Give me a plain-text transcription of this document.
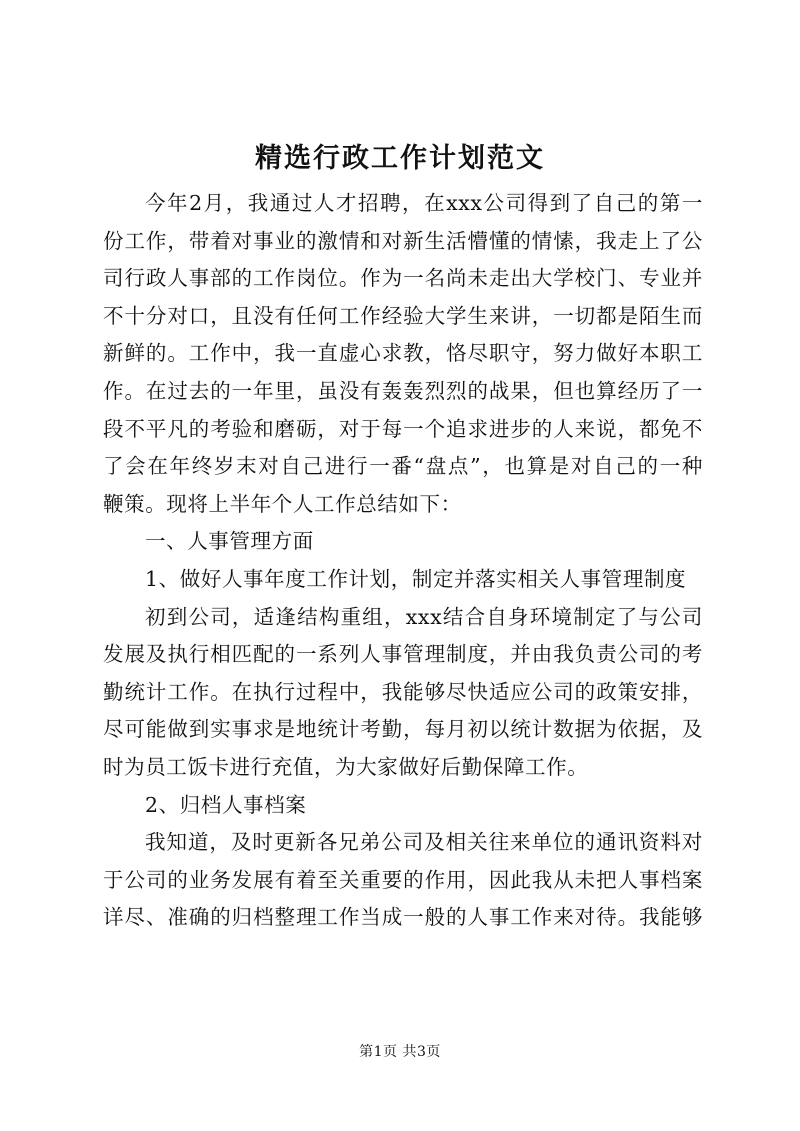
精选行政工作计划范文
今年2月，我通过人才招聘，在xxx公司得到了自己的第一
份工作，带着对事业的激情和对新生活懵懂的情愫，我走上了公
司行政人事部的工作岗位。作为一名尚未走出大学校门、专业并
不十分对口，且没有任何工作经验大学生来讲，一切都是陌生而
新鲜的。工作中，我一直虚心求教，恪尽职守，努力做好本职工
作。在过去的一年里，虽没有轰轰烈烈的战果，但也算经历了一
段不平凡的考验和磨砺，对于每一个追求进步的人来说，都免不
了会在年终岁末对自己进行一番“盘点”，也算是对自己的一种
鞭策。现将上半年个人工作总结如下：
一、人事管理方面
1、做好人事年度工作计划，制定并落实相关人事管理制度
初到公司，适逢结构重组，xxx结合自身环境制定了与公司
发展及执行相匹配的一系列人事管理制度，并由我负责公司的考
勤统计工作。在执行过程中，我能够尽快适应公司的政策安排，
尽可能做到实事求是地统计考勤，每月初以统计数据为依据，及
时为员工饭卡进行充值，为大家做好后勤保障工作。
2、归档人事档案
我知道，及时更新各兄弟公司及相关往来单位的通讯资料对
于公司的业务发展有着至关重要的作用，因此我从未把人事档案
详尽、准确的归档整理工作当成一般的人事工作来对待。我能够
第1页 共3页
